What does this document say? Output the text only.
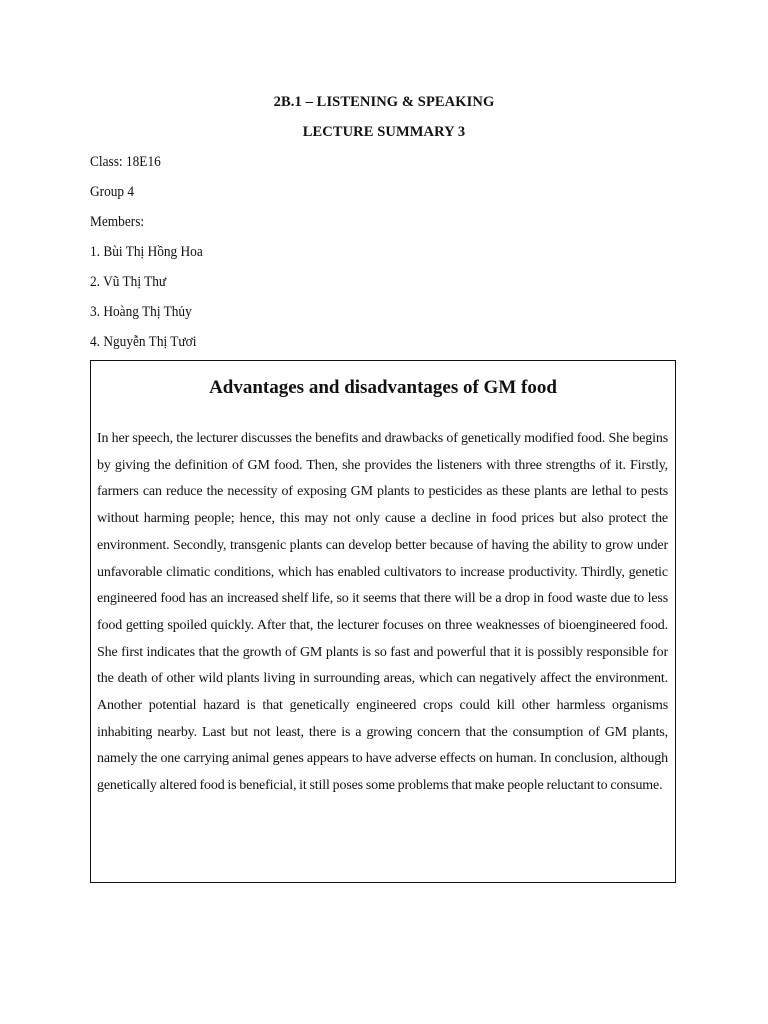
2B.1 – LISTENING & SPEAKING
LECTURE SUMMARY 3
Class: 18E16
Group 4
Members:
1. Bùi Thị Hồng Hoa
2. Vũ Thị Thư
3. Hoàng Thị Thủy
4. Nguyễn Thị Tươi
Advantages and disadvantages of GM food
In her speech, the lecturer discusses the benefits and drawbacks of genetically modified food. She begins by giving the definition of GM food. Then, she provides the listeners with three strengths of it. Firstly, farmers can reduce the necessity of exposing GM plants to pesticides as these plants are lethal to pests without harming people; hence, this may not only cause a decline in food prices but also protect the environment. Secondly, transgenic plants can develop better because of having the ability to grow under unfavorable climatic conditions, which has enabled cultivators to increase productivity. Thirdly, genetic engineered food has an increased shelf life, so it seems that there will be a drop in food waste due to less food getting spoiled quickly. After that, the lecturer focuses on three weaknesses of bioengineered food. She first indicates that the growth of GM plants is so fast and powerful that it is possibly responsible for the death of other wild plants living in surrounding areas, which can negatively affect the environment. Another potential hazard is that genetically engineered crops could kill other harmless organisms inhabiting nearby. Last but not least, there is a growing concern that the consumption of GM plants, namely the one carrying animal genes appears to have adverse effects on human. In conclusion, although genetically altered food is beneficial, it still poses some problems that make people reluctant to consume.
